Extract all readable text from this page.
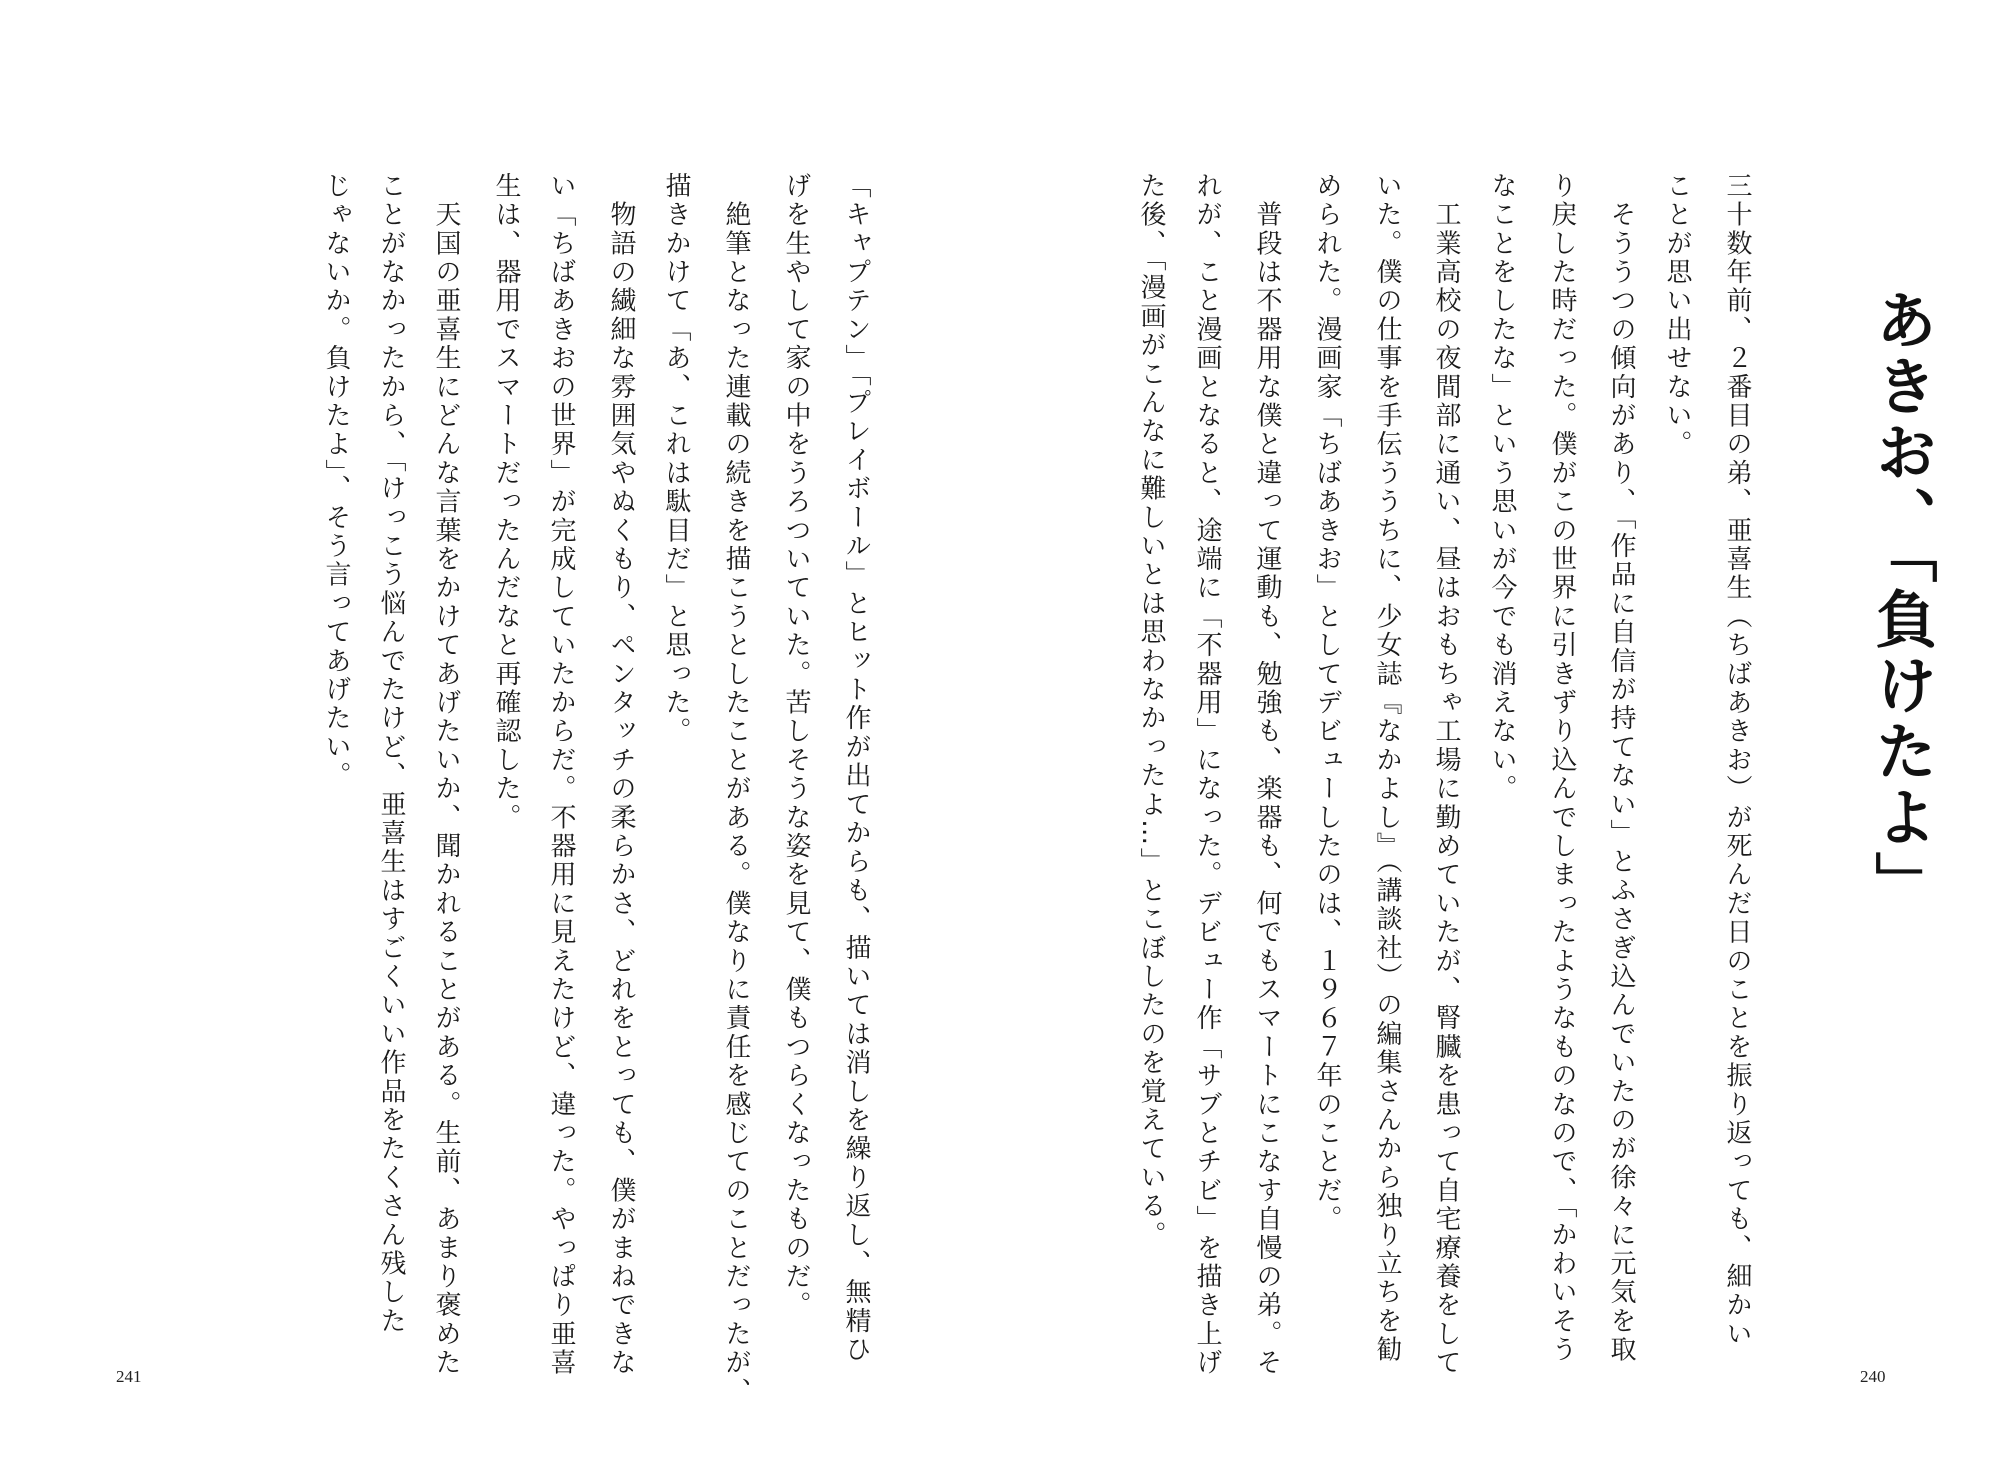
あきお、「負けたよ」
三十数年前、２番目の弟、亜喜生（ちばあきお）が死んだ日のことを振り返っても、細かい
ことが思い出せない。
　そううつの傾向があり、「作品に自信が持てない」とふさぎ込んでいたのが徐々に元気を取
り戻した時だった。僕がこの世界に引きずり込んでしまったようなものなので、「かわいそう
なことをしたな」という思いが今でも消えない。
　工業高校の夜間部に通い、昼はおもちゃ工場に勤めていたが、腎臓を患って自宅療養をして
いた。僕の仕事を手伝ううちに、少女誌『なかよし』（講談社）の編集さんから独り立ちを勧
められた。漫画家「ちばあきお」としてデビューしたのは、１９６７年のことだ。
　普段は不器用な僕と違って運動も、勉強も、楽器も、何でもスマートにこなす自慢の弟。そ
れが、こと漫画となると、途端に「不器用」になった。デビュー作「サブとチビ」を描き上げ
た後、「漫画がこんなに難しいとは思わなかったよ…」とこぼしたのを覚えている。
240
「キャプテン」「プレイボール」とヒット作が出てからも、描いては消しを繰り返し、無精ひ
げを生やして家の中をうろついていた。苦しそうな姿を見て、僕もつらくなったものだ。
　絶筆となった連載の続きを描こうとしたことがある。僕なりに責任を感じてのことだったが、
描きかけて「あ、これは駄目だ」と思った。
　物語の繊細な雰囲気やぬくもり、ペンタッチの柔らかさ、どれをとっても、僕がまねできな
い「ちばあきおの世界」が完成していたからだ。不器用に見えたけど、違った。やっぱり亜喜
生は、器用でスマートだったんだなと再確認した。
　天国の亜喜生にどんな言葉をかけてあげたいか、聞かれることがある。生前、あまり褒めた
ことがなかったから、「けっこう悩んでたけど、亜喜生はすごくいい作品をたくさん残した
じゃないか。負けたよ」、そう言ってあげたい。
241
